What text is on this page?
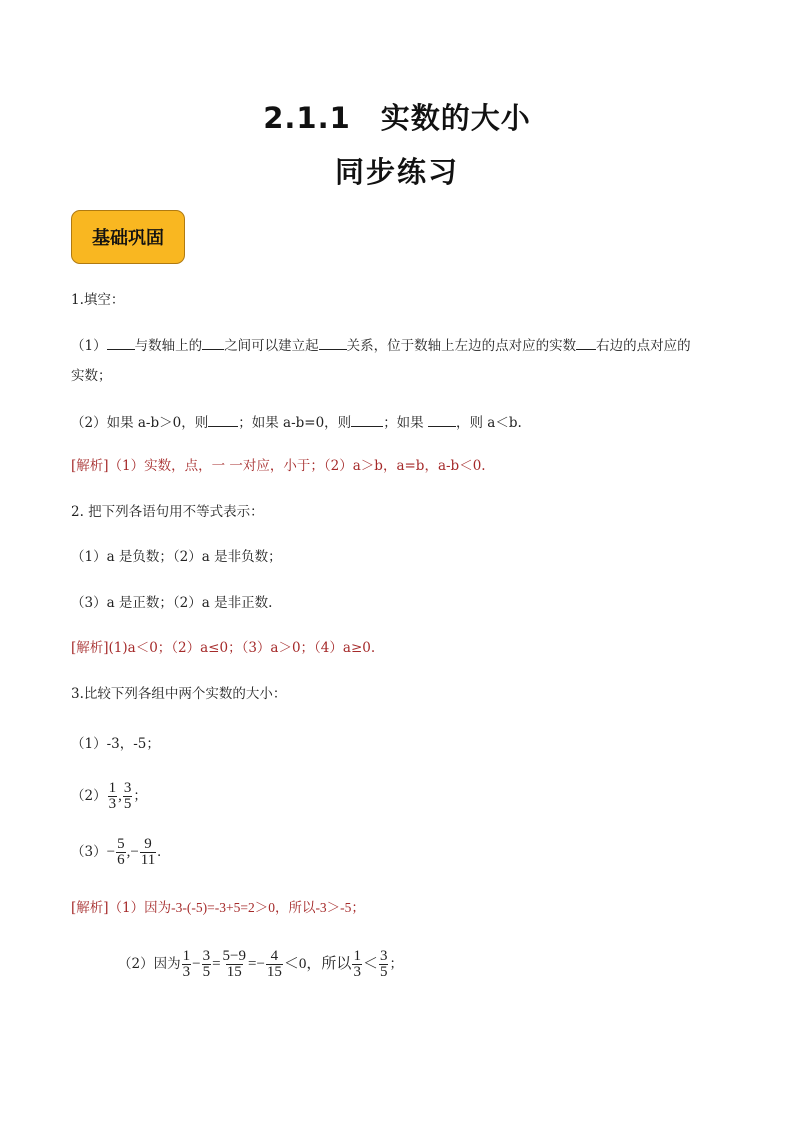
2.1.1　实数的大小
同步练习
基础巩固
1.填空：
（1） 与数轴上的 之间可以建立起 关系，位于数轴上左边的点对应的实数 右边的点对应的
实数；
（2）如果 a-b＞0，则 ；如果 a-b=0，则 ；如果 ，则 a＜b.
[解析]（1）实数，点，一 一对应，小于；（2）a＞b，a=b，a-b＜0.
2. 把下列各语句用不等式表示：
（1）a 是负数；（2）a 是非负数；
（3）a 是正数；（2）a 是非正数.
[解析](1)a＜0；（2）a≤0；（3）a＞0；（4）a≥0.
3.比较下列各组中两个实数的大小：
（1）-3，-5；
$(2) \frac{1}{3}$ , $\frac{3}{5}$ ；
$(3)- \frac{5}{6}$ ,− $\frac{9}{11}$ .
[解析]（1）因为-3-(-5)=-3+5=2＞0，所以-3＞-5；
（2）因为 $\frac{1}{3} - \frac{3}{5} = \frac{5-9}{15} =- \frac{4}{15} <0$，所以 $\frac{1}{3} < \frac{3}{5}$ ；
